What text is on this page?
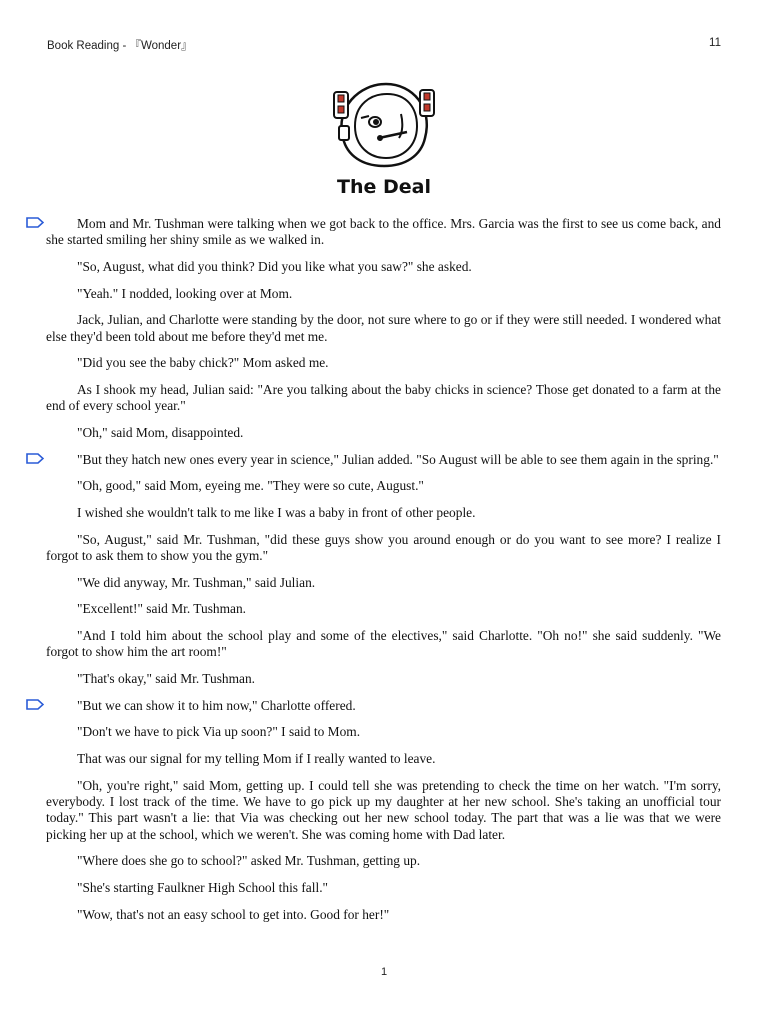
Book Reading - 『Wonder』	11
The Deal

Mom and Mr. Tushman were talking when we got back to the office. Mrs. Garcia was the first to see us come back, and she started smiling her shiny smile as we walked in.

"So, August, what did you think? Did you like what you saw?" she asked.

"Yeah." I nodded, looking over at Mom.

Jack, Julian, and Charlotte were standing by the door, not sure where to go or if they were still needed. I wondered what else they'd been told about me before they'd met me.

"Did you see the baby chick?" Mom asked me.

As I shook my head, Julian said: "Are you talking about the baby chicks in science? Those get donated to a farm at the end of every school year."

"Oh," said Mom, disappointed.

"But they hatch new ones every year in science," Julian added. "So August will be able to see them again in the spring."

"Oh, good," said Mom, eyeing me. "They were so cute, August."

I wished she wouldn't talk to me like I was a baby in front of other people.

"So, August," said Mr. Tushman, "did these guys show you around enough or do you want to see more? I realize I forgot to ask them to show you the gym."

"We did anyway, Mr. Tushman," said Julian.

"Excellent!" said Mr. Tushman.

"And I told him about the school play and some of the electives," said Charlotte. "Oh no!" she said suddenly. "We forgot to show him the art room!"

"That's okay," said Mr. Tushman.

"But we can show it to him now," Charlotte offered.

"Don't we have to pick Via up soon?" I said to Mom.

That was our signal for my telling Mom if I really wanted to leave.

"Oh, you're right," said Mom, getting up. I could tell she was pretending to check the time on her watch. "I'm sorry, everybody. I lost track of the time. We have to go pick up my daughter at her new school. She's taking an unofficial tour today." This part wasn't a lie: that Via was checking out her new school today. The part that was a lie was that we were picking her up at the school, which we weren't. She was coming home with Dad later.

"Where does she go to school?" asked Mr. Tushman, getting up.

"She's starting Faulkner High School this fall."

"Wow, that's not an easy school to get into. Good for her!"

1
